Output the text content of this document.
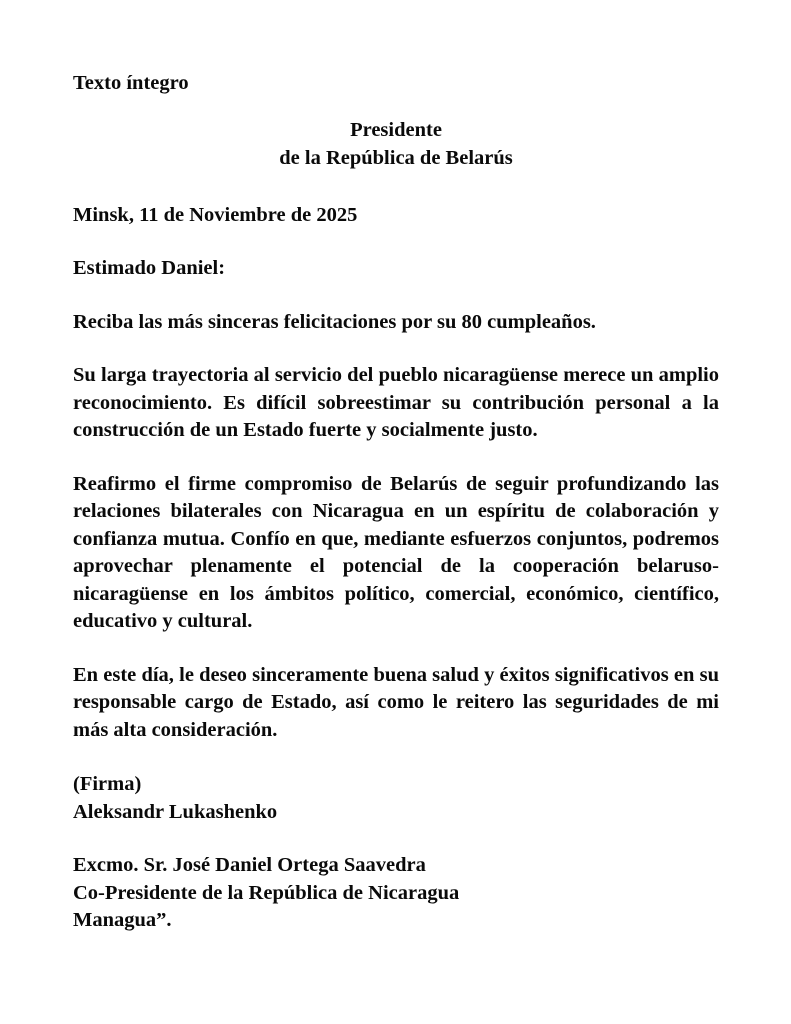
Texto íntegro
Presidente
de la República de Belarús
Minsk, 11 de Noviembre de 2025
Estimado Daniel:

Reciba las más sinceras felicitaciones por su 80 cumpleaños.

Su larga trayectoria al servicio del pueblo nicaragüense merece un amplio reconocimiento. Es difícil sobreestimar su contribución personal a la construcción de un Estado fuerte y socialmente justo.

Reafirmo el firme compromiso de Belarús de seguir profundizando las relaciones bilaterales con Nicaragua en un espíritu de colaboración y confianza mutua. Confío en que, mediante esfuerzos conjuntos, podremos aprovechar plenamente el potencial de la cooperación belaruso-nicaragüense en los ámbitos político, comercial, económico, científico, educativo y cultural.

En este día, le deseo sinceramente buena salud y éxitos significativos en su responsable cargo de Estado, así como le reitero las seguridades de mi más alta consideración.

(Firma)
Aleksandr Lukashenko
Excmo. Sr. José Daniel Ortega Saavedra
Co-Presidente de la República de Nicaragua
Managua”.
